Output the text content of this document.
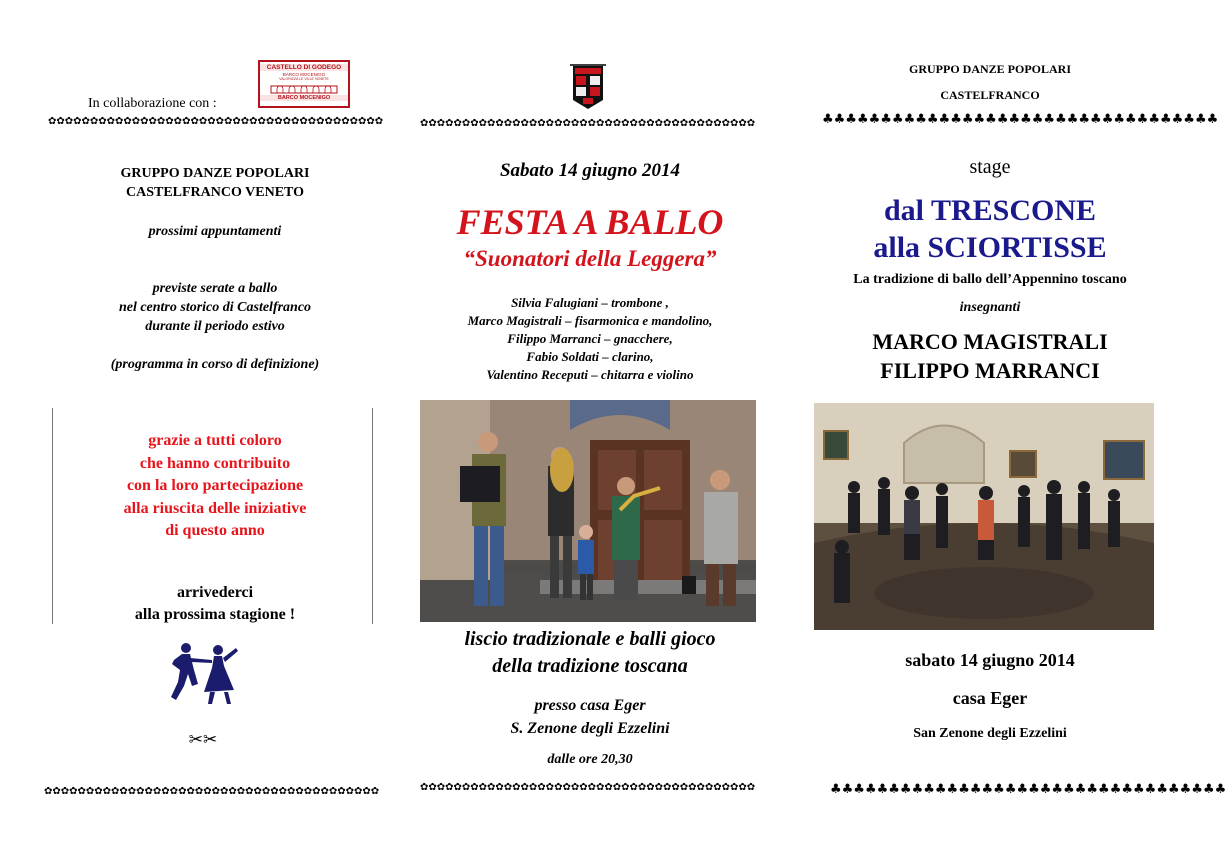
In collaborazione con :
CASTELLO DI GODEGO
BARCO MOCENIGO
VALORIZZA LE VILLE VENETE
BARCO MOCENIGO
✿✿✿✿✿✿✿✿✿✿✿✿✿✿✿✿✿✿✿✿✿✿✿✿✿✿✿✿✿✿✿✿✿✿✿✿✿✿✿✿
GRUPPO DANZE POPOLARI
CASTELFRANCO VENETO
prossimi appuntamenti
previste serate a ballo
nel centro storico di Castelfranco
durante il periodo estivo
(programma in corso di definizione)
grazie a tutti coloro
che hanno contribuito
con la loro partecipazione
alla riuscita delle iniziative
di questo anno
arrivederci
alla prossima stagione !
✂✂
✿✿✿✿✿✿✿✿✿✿✿✿✿✿✿✿✿✿✿✿✿✿✿✿✿✿✿✿✿✿✿✿✿✿✿✿✿✿✿✿
✿✿✿✿✿✿✿✿✿✿✿✿✿✿✿✿✿✿✿✿✿✿✿✿✿✿✿✿✿✿✿✿✿✿✿✿✿✿✿✿
Sabato 14 giugno 2014
FESTA A BALLO
“Suonatori della Leggera”
Silvia Falugiani – trombone ,
Marco Magistrali – fisarmonica e mandolino,
Filippo Marranci – gnacchere,
Fabio Soldati – clarino,
Valentino Receputi – chitarra e violino
liscio tradizionale e balli gioco
della tradizione toscana
presso casa Eger
S. Zenone degli Ezzelini
dalle ore 20,30
✿✿✿✿✿✿✿✿✿✿✿✿✿✿✿✿✿✿✿✿✿✿✿✿✿✿✿✿✿✿✿✿✿✿✿✿✿✿✿✿
GRUPPO DANZE POPOLARI
CASTELFRANCO
♣♣♣♣♣♣♣♣♣♣♣♣♣♣♣♣♣♣♣♣♣♣♣♣♣♣♣♣♣♣♣♣♣♣
stage
dal TRESCONE
alla SCIORTISSE
La tradizione di ballo dell’Appennino toscano
insegnanti
MARCO MAGISTRALI
FILIPPO MARRANCI
sabato 14 giugno 2014
casa Eger
San Zenone degli Ezzelini
♣♣♣♣♣♣♣♣♣♣♣♣♣♣♣♣♣♣♣♣♣♣♣♣♣♣♣♣♣♣♣♣♣♣
